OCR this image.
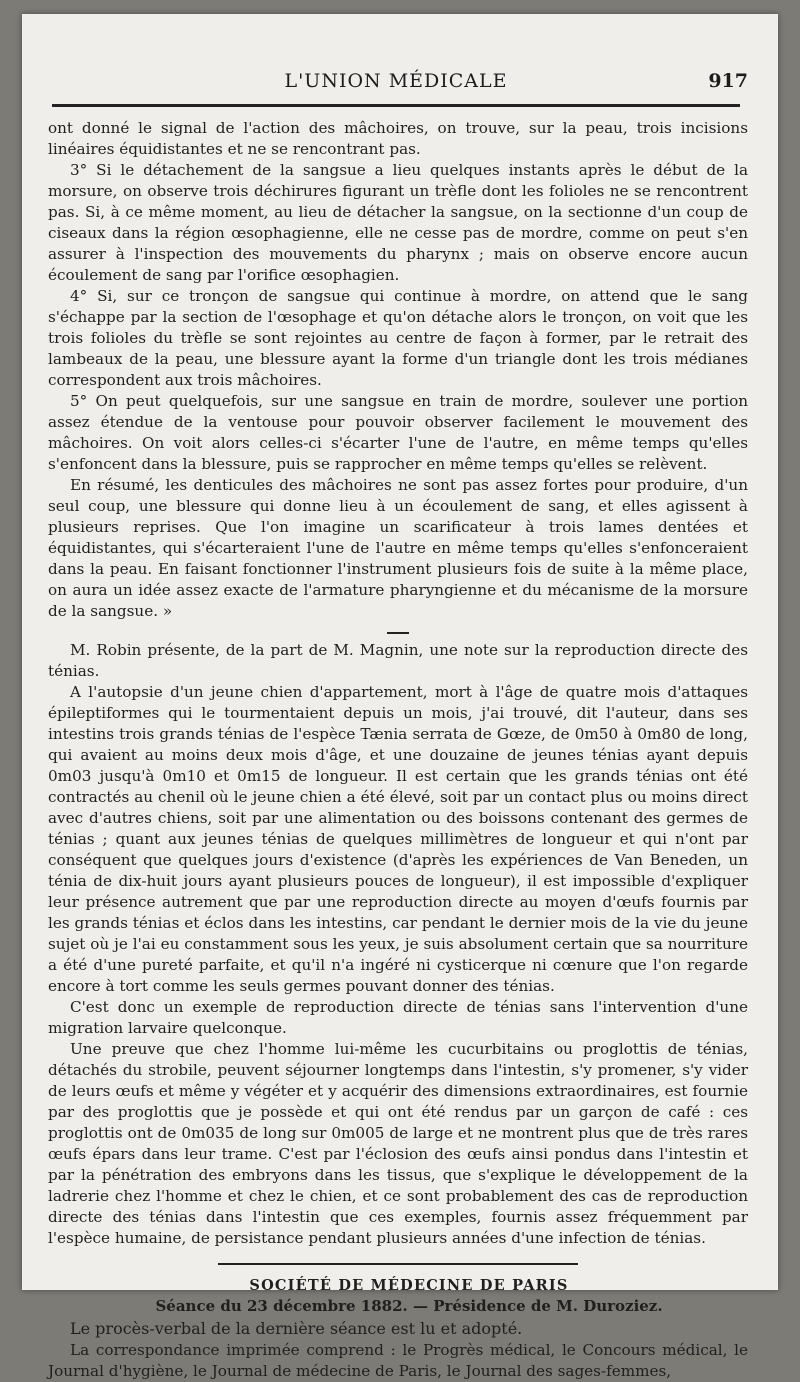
L'UNION MÉDICALE	917

ont donné le signal de l'action des mâchoires, on trouve, sur la peau, trois incisions linéaires équidistantes et ne se rencontrant pas.

3° Si le détachement de la sangsue a lieu quelques instants après le début de la morsure, on observe trois déchirures figurant un trèfle dont les folioles ne se rencontrent pas. Si, à ce même moment, au lieu de détacher la sangsue, on la sectionne d'un coup de ciseaux dans la région œsophagienne, elle ne cesse pas de mordre, comme on peut s'en assurer à l'inspection des mouvements du pharynx ; mais on observe encore aucun écoulement de sang par l'orifice œsophagien.

4° Si, sur ce tronçon de sangsue qui continue à mordre, on attend que le sang s'échappe par la section de l'œsophage et qu'on détache alors le tronçon, on voit que les trois folioles du trèfle se sont rejointes au centre de façon à former, par le retrait des lambeaux de la peau, une blessure ayant la forme d'un triangle dont les trois médianes correspondent aux trois mâchoires.

5° On peut quelquefois, sur une sangsue en train de mordre, soulever une portion assez étendue de la ventouse pour pouvoir observer facilement le mouvement des mâchoires. On voit alors celles-ci s'écarter l'une de l'autre, en même temps qu'elles s'enfoncent dans la blessure, puis se rapprocher en même temps qu'elles se relèvent.

En résumé, les denticules des mâchoires ne sont pas assez fortes pour produire, d'un seul coup, une blessure qui donne lieu à un écoulement de sang, et elles agissent à plusieurs reprises. Que l'on imagine un scarificateur à trois lames dentées et équidistantes, qui s'écarteraient l'une de l'autre en même temps qu'elles s'enfonceraient dans la peau. En faisant fonctionner l'instrument plusieurs fois de suite à la même place, on aura un idée assez exacte de l'armature pharyngienne et du mécanisme de la morsure de la sangsue. »

M. Robin présente, de la part de M. Magnin, une note sur la reproduction directe des ténias.

A l'autopsie d'un jeune chien d'appartement, mort à l'âge de quatre mois d'attaques épileptiformes qui le tourmentaient depuis un mois, j'ai trouvé, dit l'auteur, dans ses intestins trois grands ténias de l'espèce Tænia serrata de Gœze, de 0m50 à 0m80 de long, qui avaient au moins deux mois d'âge, et une douzaine de jeunes ténias ayant depuis 0m03 jusqu'à 0m10 et 0m15 de longueur. Il est certain que les grands ténias ont été contractés au chenil où le jeune chien a été élevé, soit par un contact plus ou moins direct avec d'autres chiens, soit par une alimentation ou des boissons contenant des germes de ténias ; quant aux jeunes ténias de quelques millimètres de longueur et qui n'ont par conséquent que quelques jours d'existence (d'après les expériences de Van Beneden, un ténia de dix-huit jours ayant plusieurs pouces de longueur), il est impossible d'expliquer leur présence autrement que par une reproduction directe au moyen d'œufs fournis par les grands ténias et éclos dans les intestins, car pendant le dernier mois de la vie du jeune sujet où je l'ai eu constamment sous les yeux, je suis absolument certain que sa nourriture a été d'une pureté parfaite, et qu'il n'a ingéré ni cysticerque ni cœnure que l'on regarde encore à tort comme les seuls germes pouvant donner des ténias.

C'est donc un exemple de reproduction directe de ténias sans l'intervention d'une migration larvaire quelconque.

Une preuve que chez l'homme lui-même les cucurbitains ou proglottis de ténias, détachés du strobile, peuvent séjourner longtemps dans l'intestin, s'y promener, s'y vider de leurs œufs et même y végéter et y acquérir des dimensions extraordinaires, est fournie par des proglottis que je possède et qui ont été rendus par un garçon de café : ces proglottis ont de 0m035 de long sur 0m005 de large et ne montrent plus que de très rares œufs épars dans leur trame. C'est par l'éclosion des œufs ainsi pondus dans l'intestin et par la pénétration des embryons dans les tissus, que s'explique le développement de la ladrerie chez l'homme et chez le chien, et ce sont probablement des cas de reproduction directe des ténias dans l'intestin que ces exemples, fournis assez fréquemment par l'espèce humaine, de persistance pendant plusieurs années d'une infection de ténias.

SOCIÉTÉ DE MÉDECINE DE PARIS

Séance du 23 décembre 1882. — Présidence de M. Duroziez.

Le procès-verbal de la dernière séance est lu et adopté.

La correspondance imprimée comprend : le Progrès médical, le Concours médical, le Journal d'hygiène, le Journal de médecine de Paris, le Journal des sages-femmes,
